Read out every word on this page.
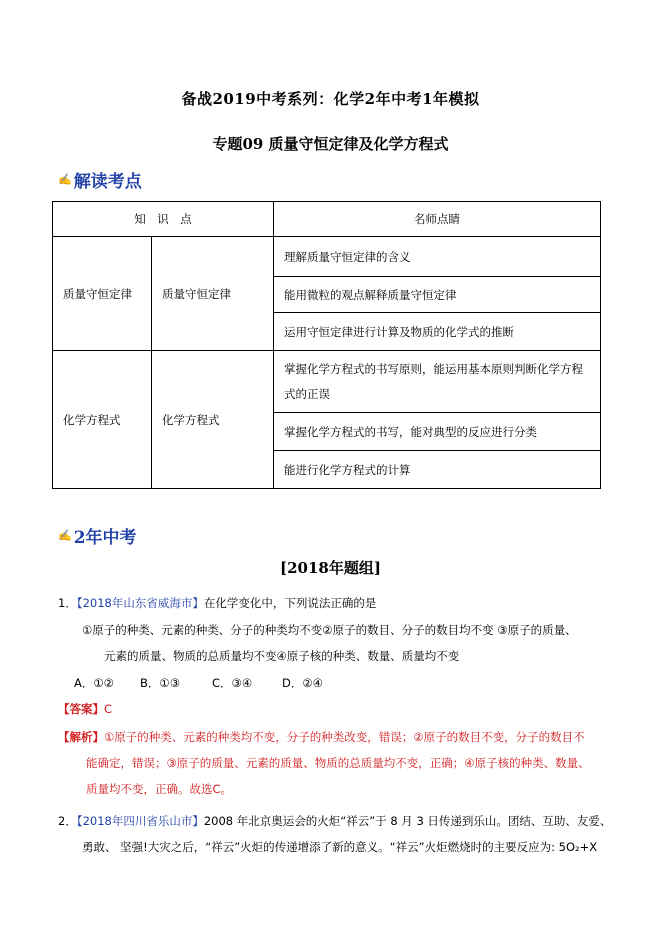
备战2019中考系列：化学2年中考1年模拟
专题09 质量守恒定律及化学方程式
✍ 解读考点
知　识　点		名师点睛
质量守恒定律	质量守恒定律	理解质量守恒定律的含义
		能用微粒的观点解释质量守恒定律
		运用守恒定律进行计算及物质的化学式的推断
化学方程式	化学方程式	掌握化学方程式的书写原则，能运用基本原则判断化学方程式的正误
		掌握化学方程式的书写，能对典型的反应进行分类
		能进行化学方程式的计算
✍ 2年中考
[2018年题组]
1．【2018年山东省威海市】在化学变化中，下列说法正确的是
①原子的种类、元素的种类、分子的种类均不变②原子的数目、分子的数目均不变 ③原子的质量、
元素的质量、物质的总质量均不变④原子核的种类、数量、质量均不变
A．①②	B．①③	C．③④	D．②④
【答案】C
【解析】①原子的种类、元素的种类均不变，分子的种类改变，错误；②原子的数目不变，分子的数目不
能确定，错误；③原子的质量、元素的质量、物质的总质量均不变，正确；④原子核的种类、数量、
质量均不变，正确。故选C。
2．【2018年四川省乐山市】2008 年北京奥运会的火炬“祥云”于 8 月 3 日传递到乐山。团结、互助、友爱、
勇敢、 坚强!大灾之后，“祥云”火炬的传递增添了新的意义。“祥云”火炬燃烧时的主要反应为: 5O₂+X
